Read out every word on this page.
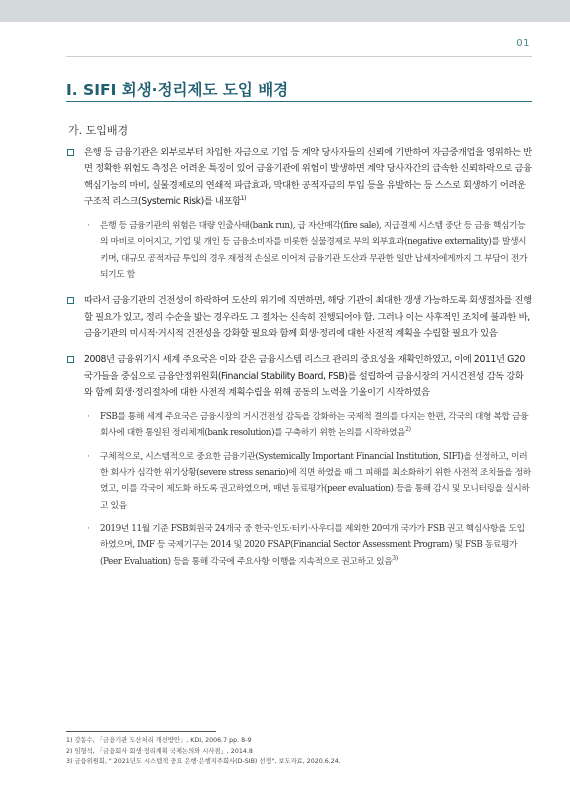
01
Ⅰ. SIFI 회생·정리제도 도입 배경
가. 도입배경
은행 등 금융기관은 외부로부터 차입한 자금으로 기업 등 계약 당사자들의 신뢰에 기반하여 자금중개업을 영위하는 반면 정확한 위험도 측정은 어려운 특징이 있어 금융기관에 위험이 발생하면 계약 당사자간의 급속한 신뢰하락으로 금융핵심기능의 마비, 실물경제로의 연쇄적 파급효과, 막대한 공적자금의 투입 등을 유발하는 등 스스로 회생하기 어려운 구조적 리스크(Systemic Risk)를 내포함$^{1)}$
· 은행 등 금융기관의 위험은 대량 인출사태(bank run), 급 자산매각(fire sale), 지급결제 시스템 중단 등 금융 핵심기능의 마비로 이어지고, 기업 및 개인 등 금융소비자를 비롯한 실물경제로 부의 외부효과(negative externality)를 발생시키며, 대규모 공적자금 투입의 경우 재정적 손실로 이어져 금융기관 도산과 무관한 일반 납세자에게까지 그 부담이 전가되기도 함
따라서 금융기관의 건전성이 하락하여 도산의 위기에 직면하면, 해당 기관이 최대한 갱생 가능하도록 회생절차를 진행할 필요가 있고, 정리 수순을 밟는 경우라도 그 절차는 신속히 진행되어야 함. 그러나 이는 사후적인 조치에 불과한 바, 금융기관의 미시적·거시적 건전성을 강화할 필요와 함께 회생·정리에 대한 사전적 계획을 수립할 필요가 있음
2008년 금융위기시 세계 주요국은 이와 같은 금융시스템 리스크 관리의 중요성을 재확인하였고, 이에 2011년 G20 국가들을 중심으로 금융안정위원회(Financial Stability Board, FSB)를 설립하여 금융시장의 거시건전성 감독 강화와 함께 회생·정리절차에 대한 사전적 계획수립을 위해 공동의 노력을 기울이기 시작하였음
· FSB를 통해 세계 주요국은 금융시장의 거시건전성 감독을 강화하는 국제적 결의를 다지는 한편, 각국의 대형 복합 금융회사에 대한 통일된 정리체계(bank resolution)를 구축하기 위한 논의를 시작하였음$^{2)}$
· 구체적으로, 시스템적으로 중요한 금융기관(Systemically Important Financial Institution, SIFI)을 선정하고, 이러한 회사가 심각한 위기상황(severe stress senario)에 직면 하였을 때 그 피해를 최소화하기 위한 사전적 조치들을 정하였고, 이를 각국이 제도화 하도록 권고하였으며, 매년 동료평가(peer evaluation) 등을 통해 감시 및 모니터링을 실시하고 있음
· 2019년 11월 기준 FSB회원국 24개국 중 한국·인도·터키·사우디를 제외한 20여개 국가가 FSB 권고 핵심사항을 도입하였으며, IMF 등 국제기구는 2014 및 2020 FSAP(Financial Sector Assessment Program) 및 FSB 동료평가(Peer Evaluation) 등을 통해 각국에 주요사항 이행을 지속적으로 권고하고 있음$^{3)}$
1) 강동수, 「금융기관 도산처리 개선방안」, KDI, 2006.7 pp. 8-9
2) 임형석, 「금융회사 회생·정리계획 국제논의와 시사점」, 2014.8
3) 금융위원회, " 2021년도 시스템적 중요 은행·은행지주회사(D-SIB) 선정", 보도자료, 2020.6.24.
